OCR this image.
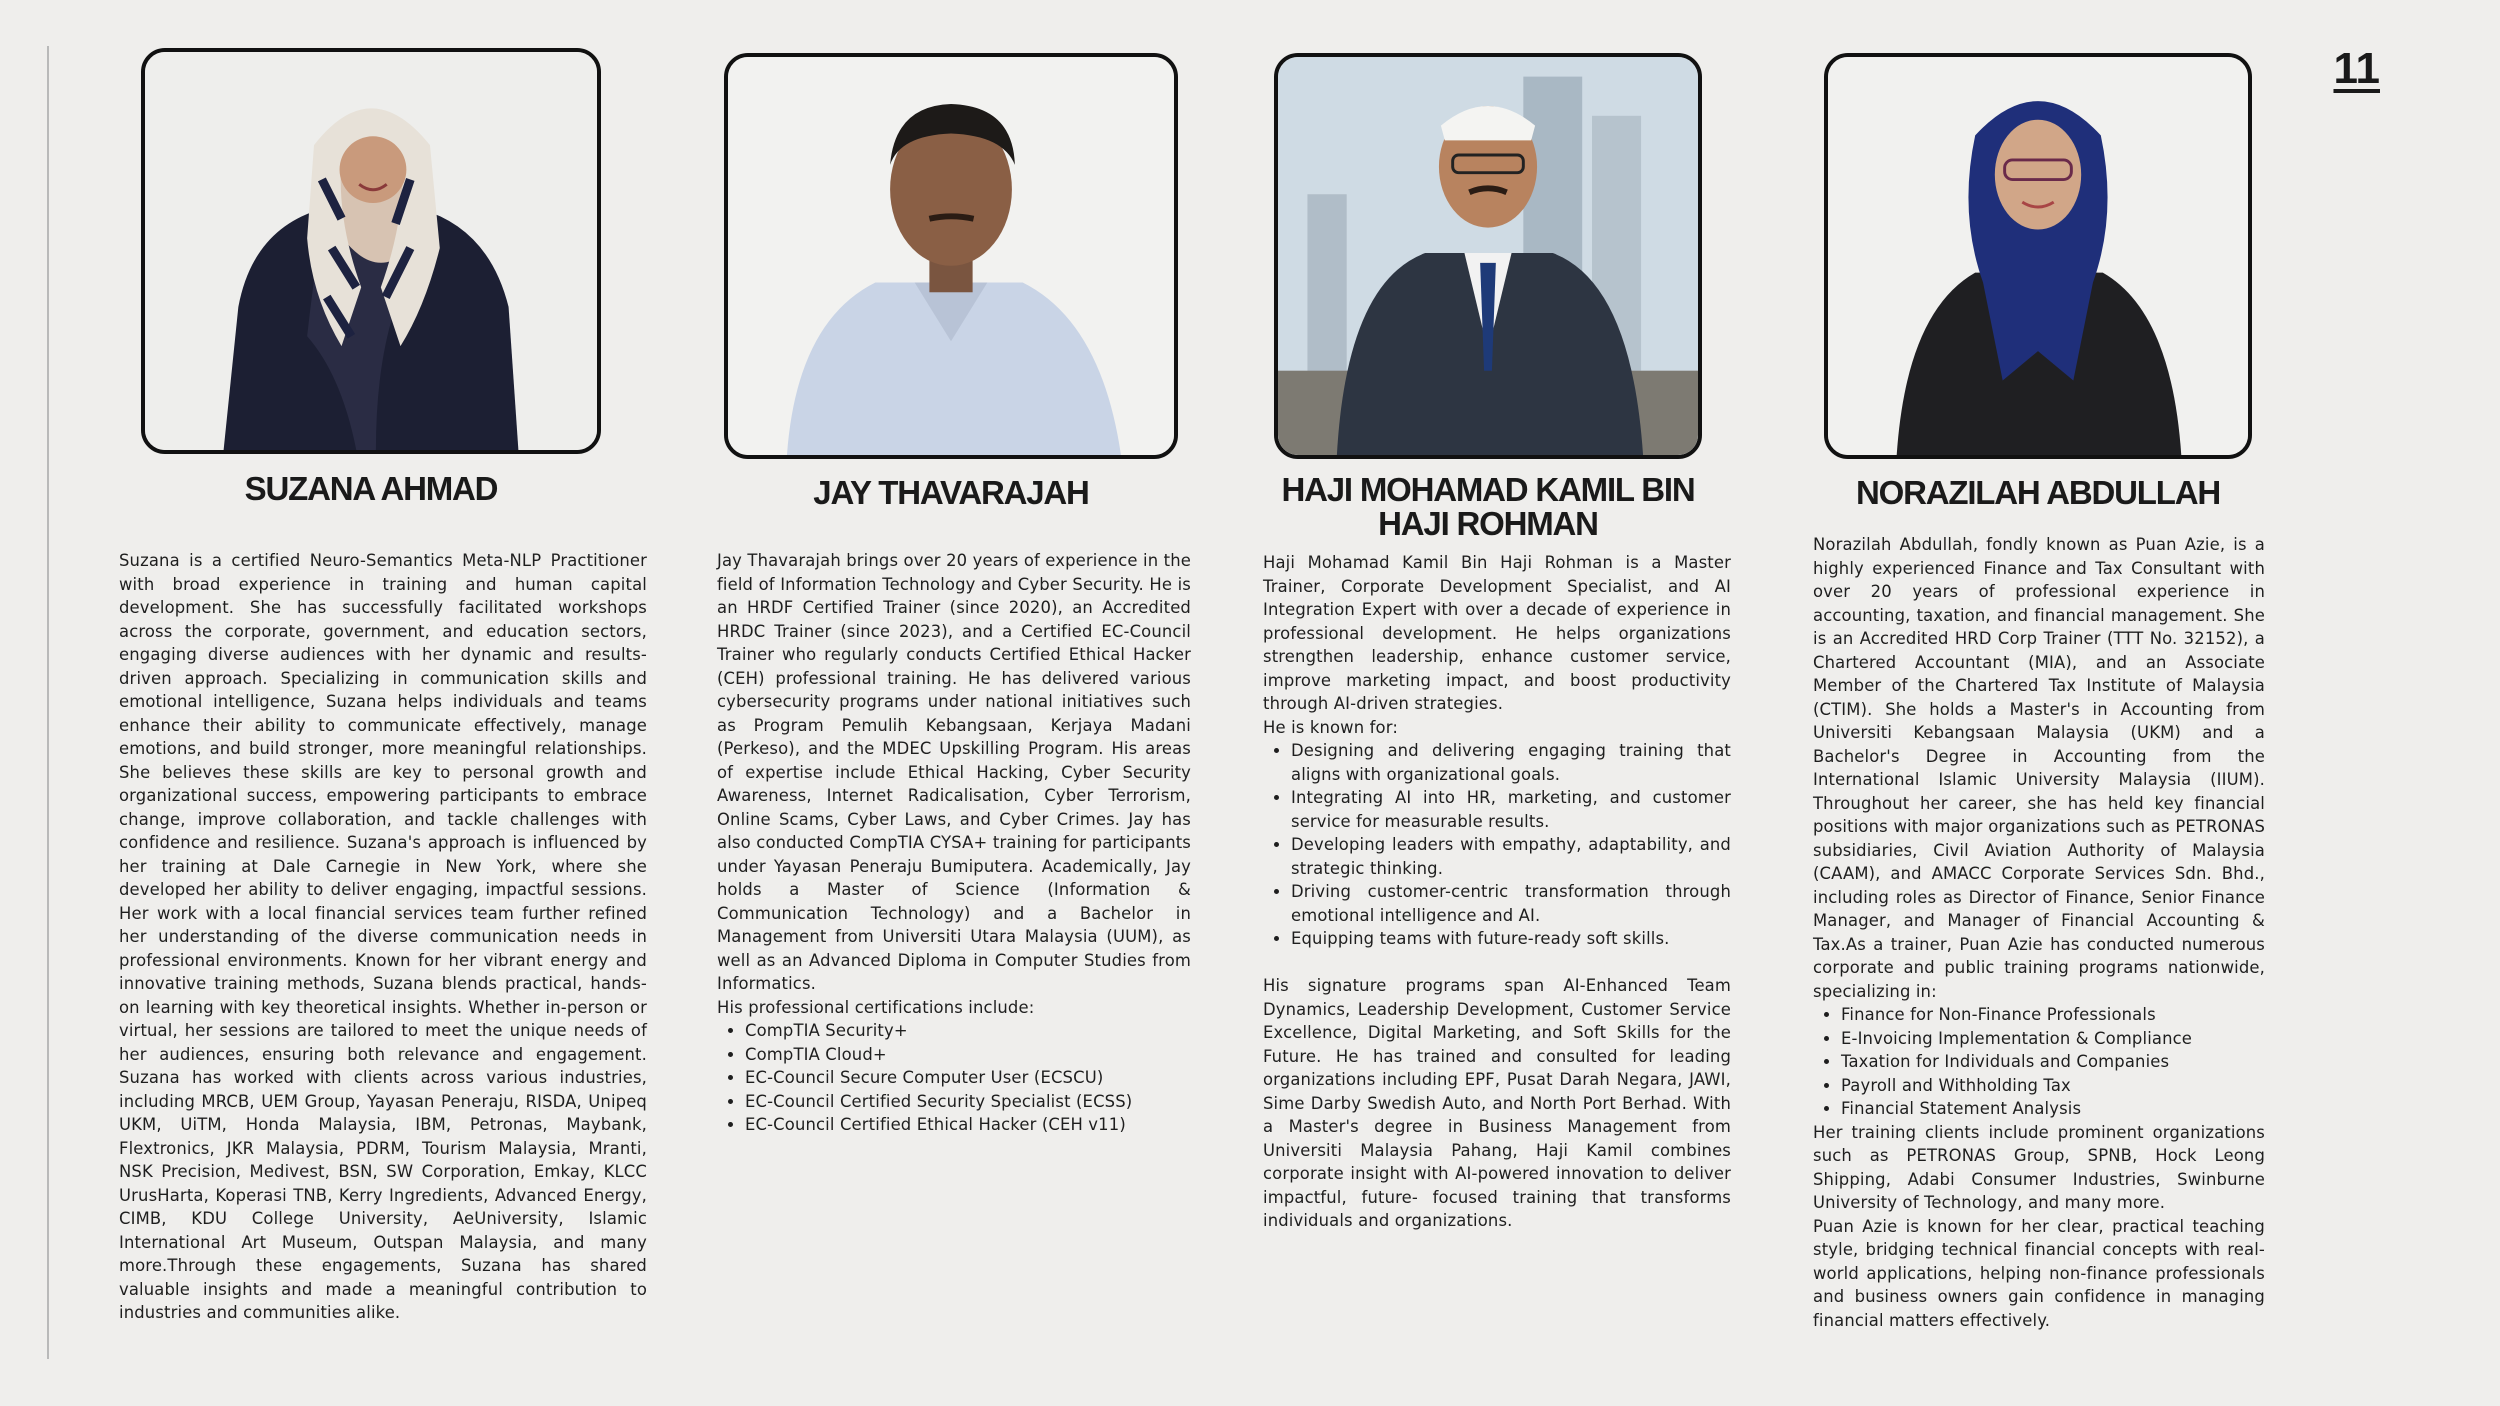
11
SUZANA AHMAD

Suzana is a certified Neuro-Semantics Meta-NLP Practitioner with broad experience in training and human capital development. She has successfully facilitated workshops across the corporate, government, and education sectors, engaging diverse audiences with her dynamic and results-driven approach. Specializing in communication skills and emotional intelligence, Suzana helps individuals and teams enhance their ability to communicate effectively, manage emotions, and build stronger, more meaningful relationships. She believes these skills are key to personal growth and organizational success, empowering participants to embrace change, improve collaboration, and tackle challenges with confidence and resilience. Suzana's approach is influenced by her training at Dale Carnegie in New York, where she developed her ability to deliver engaging, impactful sessions. Her work with a local financial services team further refined her understanding of the diverse communication needs in professional environments. Known for her vibrant energy and innovative training methods, Suzana blends practical, hands-on learning with key theoretical insights. Whether in-person or virtual, her sessions are tailored to meet the unique needs of her audiences, ensuring both relevance and engagement. Suzana has worked with clients across various industries, including MRCB, UEM Group, Yayasan Peneraju, RISDA, Unipeq UKM, UiTM, Honda Malaysia, IBM, Petronas, Maybank, Flextronics, JKR Malaysia, PDRM, Tourism Malaysia, Mranti, NSK Precision, Medivest, BSN, SW Corporation, Emkay, KLCC UrusHarta, Koperasi TNB, Kerry Ingredients, Advanced Energy, CIMB, KDU College University, AeUniversity, Islamic International Art Museum, Outspan Malaysia, and many more.Through these engagements, Suzana has shared valuable insights and made a meaningful contribution to industries and communities alike.

JAY THAVARAJAH

Jay Thavarajah brings over 20 years of experience in the field of Information Technology and Cyber Security. He is an HRDF Certified Trainer (since 2020), an Accredited HRDC Trainer (since 2023), and a Certified EC-Council Trainer who regularly conducts Certified Ethical Hacker (CEH) professional training. He has delivered various cybersecurity programs under national initiatives such as Program Pemulih Kebangsaan, Kerjaya Madani (Perkeso), and the MDEC Upskilling Program. His areas of expertise include Ethical Hacking, Cyber Security Awareness, Internet Radicalisation, Cyber Terrorism, Online Scams, Cyber Laws, and Cyber Crimes. Jay has also conducted CompTIA CYSA+ training for participants under Yayasan Peneraju Bumiputera. Academically, Jay holds a Master of Science (Information & Communication Technology) and a Bachelor in Management from Universiti Utara Malaysia (UUM), as well as an Advanced Diploma in Computer Studies from Informatics.

His professional certifications include:

• CompTIA Security+
• CompTIA Cloud+
• EC-Council Secure Computer User (ECSCU)
• EC-Council Certified Security Specialist (ECSS)
• EC-Council Certified Ethical Hacker (CEH v11)
HAJI MOHAMAD KAMIL BIN HAJI ROHMAN

Haji Mohamad Kamil Bin Haji Rohman is a Master Trainer, Corporate Development Specialist, and AI Integration Expert with over a decade of experience in professional development. He helps organizations strengthen leadership, enhance customer service, improve marketing impact, and boost productivity through AI-driven strategies.

He is known for:

• Designing and delivering engaging training that aligns with organizational goals.
• Integrating AI into HR, marketing, and customer service for measurable results.
• Developing leaders with empathy, adaptability, and strategic thinking.
• Driving customer-centric transformation through emotional intelligence and AI.
• Equipping teams with future-ready soft skills.

His signature programs span AI-Enhanced Team Dynamics, Leadership Development, Customer Service Excellence, Digital Marketing, and Soft Skills for the Future. He has trained and consulted for leading organizations including EPF, Pusat Darah Negara, JAWI, Sime Darby Swedish Auto, and North Port Berhad. With a Master's degree in Business Management from Universiti Malaysia Pahang, Haji Kamil combines corporate insight with AI-powered innovation to deliver impactful, future- focused training that transforms individuals and organizations.

NORAZILAH ABDULLAH

Norazilah Abdullah, fondly known as Puan Azie, is a highly experienced Finance and Tax Consultant with over 20 years of professional experience in accounting, taxation, and financial management. She is an Accredited HRD Corp Trainer (TTT No. 32152), a Chartered Accountant (MIA), and an Associate Member of the Chartered Tax Institute of Malaysia (CTIM). She holds a Master's in Accounting from Universiti Kebangsaan Malaysia (UKM) and a Bachelor's Degree in Accounting from the International Islamic University Malaysia (IIUM). Throughout her career, she has held key financial positions with major organizations such as PETRONAS subsidiaries, Civil Aviation Authority of Malaysia (CAAM), and AMACC Corporate Services Sdn. Bhd., including roles as Director of Finance, Senior Finance Manager, and Manager of Financial Accounting & Tax.As a trainer, Puan Azie has conducted numerous corporate and public training programs nationwide, specializing in:

• Finance for Non-Finance Professionals
• E-Invoicing Implementation & Compliance
• Taxation for Individuals and Companies
• Payroll and Withholding Tax
• Financial Statement Analysis

Her training clients include prominent organizations such as PETRONAS Group, SPNB, Hock Leong Shipping, Adabi Consumer Industries, Swinburne University of Technology, and many more.

Puan Azie is known for her clear, practical teaching style, bridging technical financial concepts with real-world applications, helping non-finance professionals and business owners gain confidence in managing financial matters effectively.
